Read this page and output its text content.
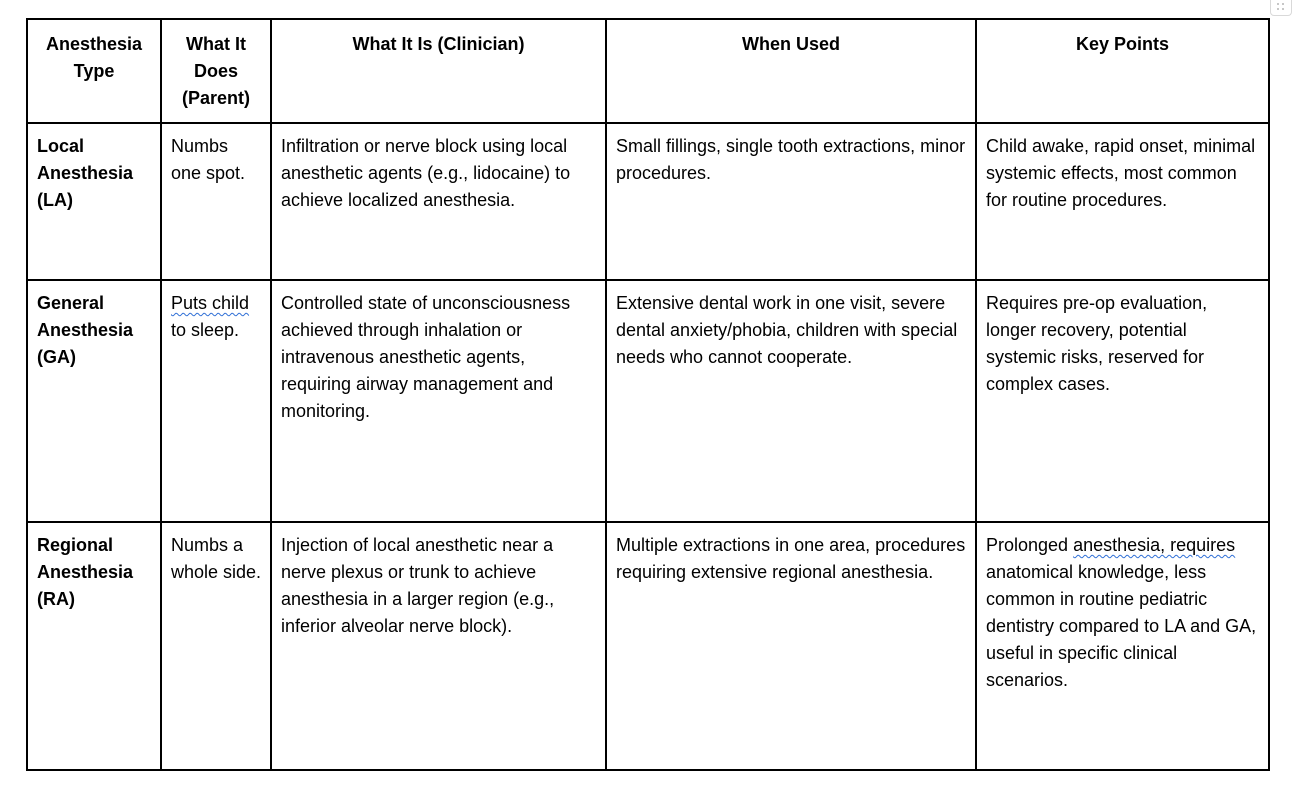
Anesthesia Type	What It Does (Parent)	What It Is (Clinician)	When Used	Key Points
Local Anesthesia (LA)	Numbs one spot.	Infiltration or nerve block using local anesthetic agents (e.g., lidocaine) to achieve localized anesthesia.	Small fillings, single tooth extractions, minor procedures.	Child awake, rapid onset, minimal systemic effects, most common for routine procedures.
General Anesthesia (GA)	Puts child to sleep.	Controlled state of unconsciousness achieved through inhalation or intravenous anesthetic agents, requiring airway management and monitoring.	Extensive dental work in one visit, severe dental anxiety/phobia, children with special needs who cannot cooperate.	Requires pre-op evaluation, longer recovery, potential systemic risks, reserved for complex cases.
Regional Anesthesia (RA)	Numbs a whole side.	Injection of local anesthetic near a nerve plexus or trunk to achieve anesthesia in a larger region (e.g., inferior alveolar nerve block).	Multiple extractions in one area, procedures requiring extensive regional anesthesia.	Prolonged anesthesia, requires anatomical knowledge, less common in routine pediatric dentistry compared to LA and GA, useful in specific clinical scenarios.
